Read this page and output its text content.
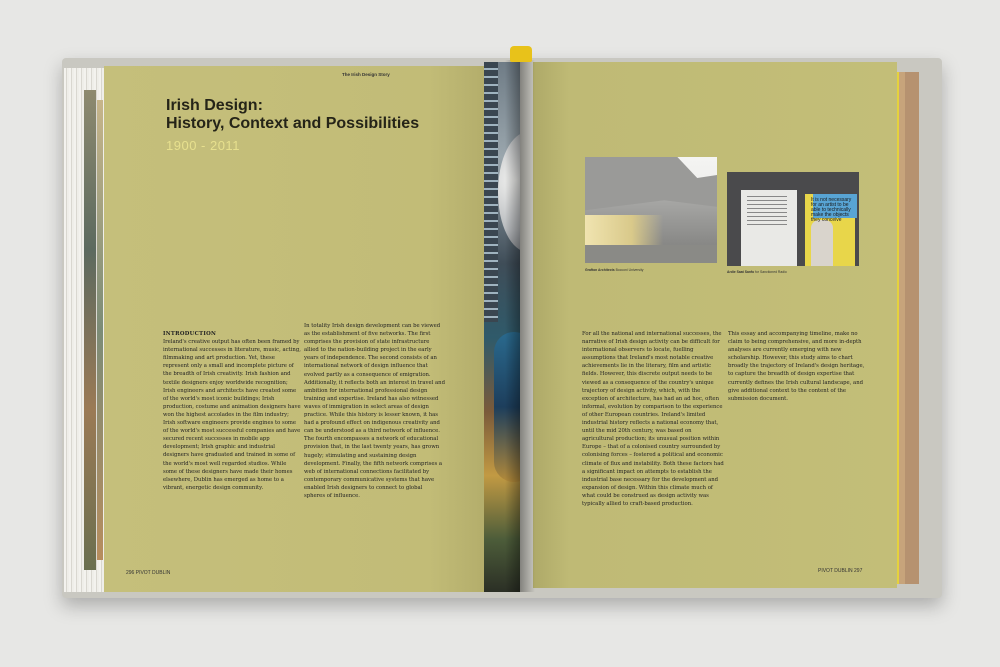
Irish Design:
History, Context and Possibilities
1900 - 2011

INTRODUCTION

Ireland's creative output has often been framed by international successes in literature, music, acting, filmmaking and art production. Yet, these represent only a small and incomplete picture of the breadth of Irish creativity. Irish fashion and textile designers enjoy worldwide recognition; Irish engineers and architects have created some of the world's most iconic buildings; Irish production, costume and animation designers have won the highest accolades in the film industry; Irish software engineers provide engines to some of the world's most successful companies and have secured recent successes in mobile app development; Irish graphic and industrial designers have graduated and trained in some of the world's most well regarded studios. While some of these designers have made their homes elsewhere, Dublin has emerged as home to a vibrant, energetic design community.

In totality Irish design development can be viewed as the establishment of five networks. The first comprises the provision of state infrastructure allied to the nation-building project in the early years of independence. The second consists of an international network of design influence that evolved partly as a consequence of emigration. Additionally, it reflects both an interest in travel and ambition for international professional design training and expertise. Ireland has also witnessed waves of immigration in select areas of design practice. While this history is lesser known, it has had a profound effect on indigenous creativity and can be understood as a third network of influence. The fourth encompasses a network of educational provision that, in the last twenty years, has grown hugely; stimulating and sustaining design development. Finally, the fifth network comprises a web of international connections facilitated by contemporary communicative systems that have enabled Irish designers to connect to global spheres of influence.

296 PIVOT DUBLIN
The Irish Design Story
Grafton Architects Bocconi University
It is not necessary for an artist to be able to technically make the objects they conceive
Ardie Saat Sanfo for Sanctioned Radio

For all the national and international successes, the narrative of Irish design activity can be difficult for international observers to locate, fuelling assumptions that Ireland's most notable creative achievements lie in the literary, film and artistic fields. However, this discrete output needs to be viewed as a consequence of the country's unique trajectory of design activity, which, with the exception of architecture, has had an ad hoc, often informal, evolution by comparison to the experience of other European countries. Ireland's limited industrial history reflects a national economy that, until the mid 20th century, was based on agricultural production; its unusual position within Europe – that of a colonised country surrounded by colonising forces – fostered a political and economic climate of flux and instability. Both these factors had a significant impact on attempts to establish the industrial base necessary for the development and expansion of design. Within this climate much of what could be construed as design activity was typically allied to craft-based production.

This essay and accompanying timeline, make no claim to being comprehensive, and more in-depth analyses are currently emerging with new scholarship. However, this study aims to chart broadly the trajectory of Ireland's design heritage, to capture the breadth of design expertise that currently defines the Irish cultural landscape, and give additional context to the content of the submission document.

PIVOT DUBLIN 297
